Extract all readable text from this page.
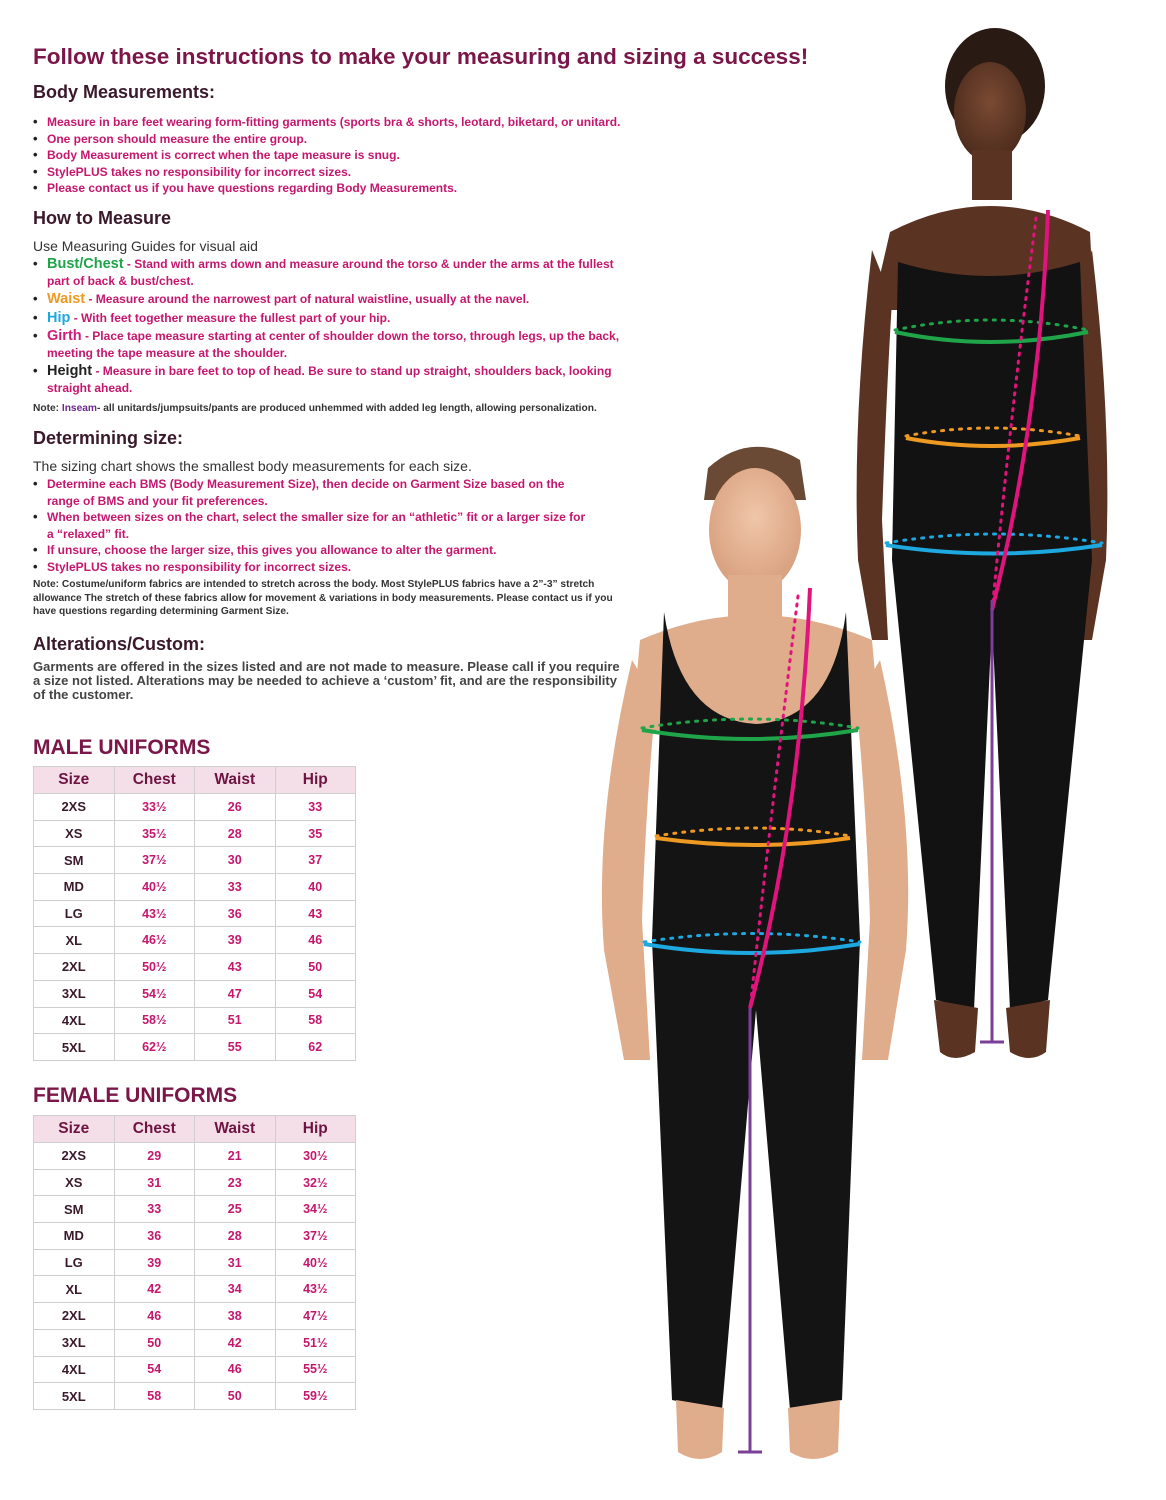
Follow these instructions to make your measuring and sizing a success!
Body Measurements:
• Measure in bare feet wearing form-fitting garments (sports bra & shorts, leotard, biketard, or unitard.
• One person should measure the entire group.
• Body Measurement is correct when the tape measure is snug.
• StylePLUS takes no responsibility for incorrect sizes.
• Please contact us if you have questions regarding Body Measurements.
How to Measure
Use Measuring Guides for visual aid
• Bust/Chest - Stand with arms down and measure around the torso & under the arms at the fullest part of back & bust/chest.
• Waist - Measure around the narrowest part of natural waistline, usually at the navel.
• Hip - With feet together measure the fullest part of your hip.
• Girth - Place tape measure starting at center of shoulder down the torso, through legs, up the back, meeting the tape measure at the shoulder.
• Height - Measure in bare feet to top of head. Be sure to stand up straight, shoulders back, looking straight ahead.
Note: Inseam- all unitards/jumpsuits/pants are produced unhemmed with added leg length, allowing personalization.
Determining size:
The sizing chart shows the smallest body measurements for each size.
• Determine each BMS (Body Measurement Size), then decide on Garment Size based on the range of BMS and your fit preferences.
• When between sizes on the chart, select the smaller size for an “athletic” fit or a larger size for a “relaxed” fit.
• If unsure, choose the larger size, this gives you allowance to alter the garment.
• StylePLUS takes no responsibility for incorrect sizes.
Note: Costume/uniform fabrics are intended to stretch across the body. Most StylePLUS fabrics have a 2”-3” stretch allowance The stretch of these fabrics allow for movement & variations in body measurements. Please contact us if you have questions regarding determining Garment Size.
Alterations/Custom:
Garments are offered in the sizes listed and are not made to measure. Please call if you require a size not listed. Alterations may be needed to achieve a ‘custom’ fit, and are the responsibility of the customer.
MALE UNIFORMS
Size	Chest	Waist	Hip
2XS	33½	26	33
XS	35½	28	35
SM	37½	30	37
MD	40½	33	40
LG	43½	36	43
XL	46½	39	46
2XL	50½	43	50
3XL	54½	47	54
4XL	58½	51	58
5XL	62½	55	62
FEMALE UNIFORMS
Size	Chest	Waist	Hip
2XS	29	21	30½
XS	31	23	32½
SM	33	25	34½
MD	36	28	37½
LG	39	31	40½
XL	42	34	43½
2XL	46	38	47½
3XL	50	42	51½
4XL	54	46	55½
5XL	58	50	59½
